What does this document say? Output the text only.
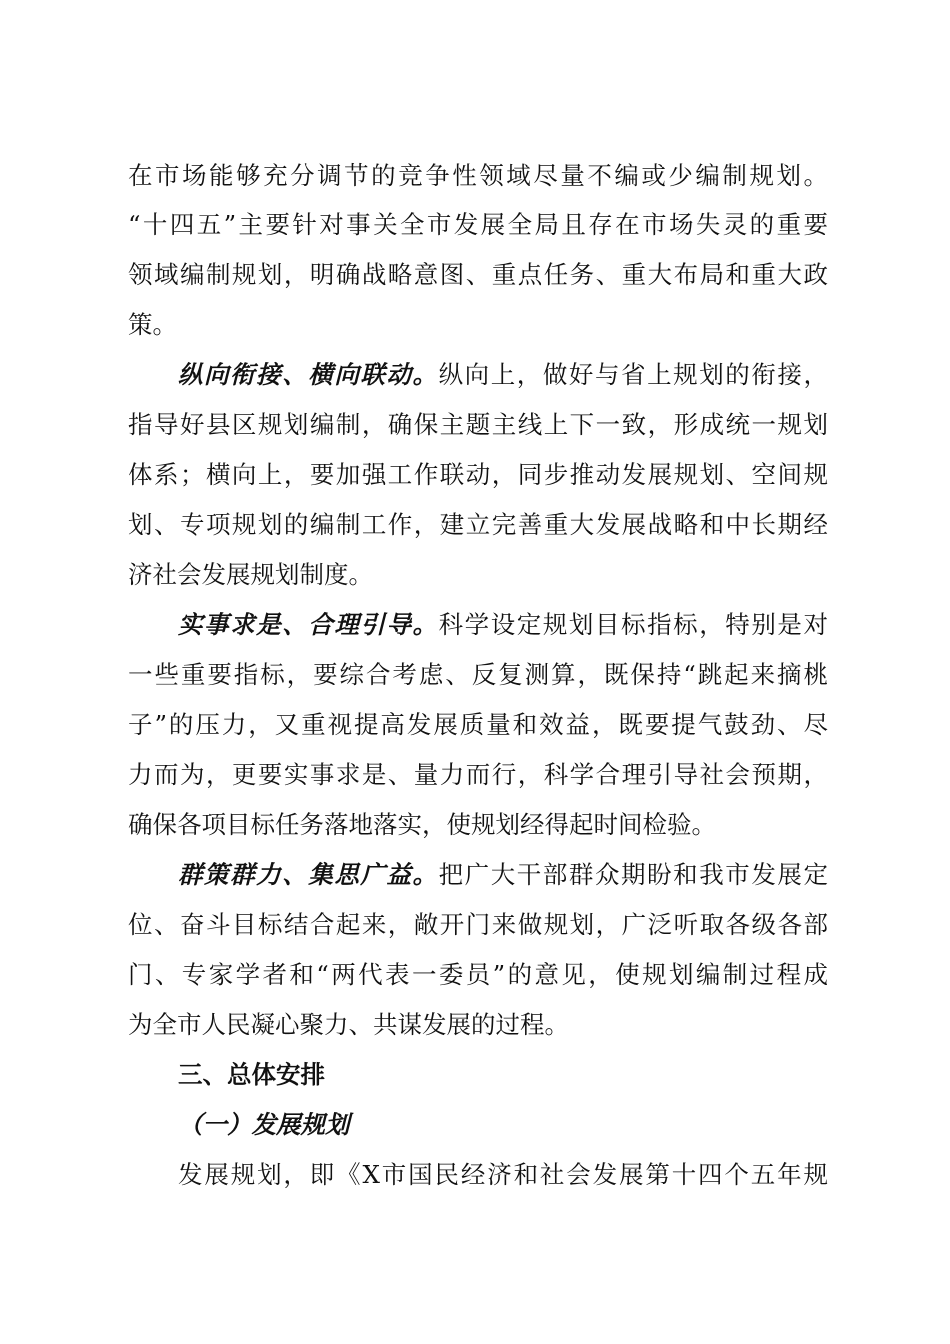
在市场能够充分调节的竞争性领域尽量不编或少编制规划。
“十四五”主要针对事关全市发展全局且存在市场失灵的重要
领域编制规划，明确战略意图、重点任务、重大布局和重大政
策。
纵向衔接、横向联动。纵向上，做好与省上规划的衔接，
指导好县区规划编制，确保主题主线上下一致，形成统一规划
体系；横向上，要加强工作联动，同步推动发展规划、空间规
划、专项规划的编制工作，建立完善重大发展战略和中长期经
济社会发展规划制度。
实事求是、合理引导。科学设定规划目标指标，特别是对
一些重要指标，要综合考虑、反复测算，既保持“跳起来摘桃
子”的压力，又重视提高发展质量和效益，既要提气鼓劲、尽
力而为，更要实事求是、量力而行，科学合理引导社会预期，
确保各项目标任务落地落实，使规划经得起时间检验。
群策群力、集思广益。把广大干部群众期盼和我市发展定
位、奋斗目标结合起来，敞开门来做规划，广泛听取各级各部
门、专家学者和“两代表一委员”的意见，使规划编制过程成
为全市人民凝心聚力、共谋发展的过程。
三、总体安排
（一）发展规划
发展规划，即《X市国民经济和社会发展第十四个五年规
